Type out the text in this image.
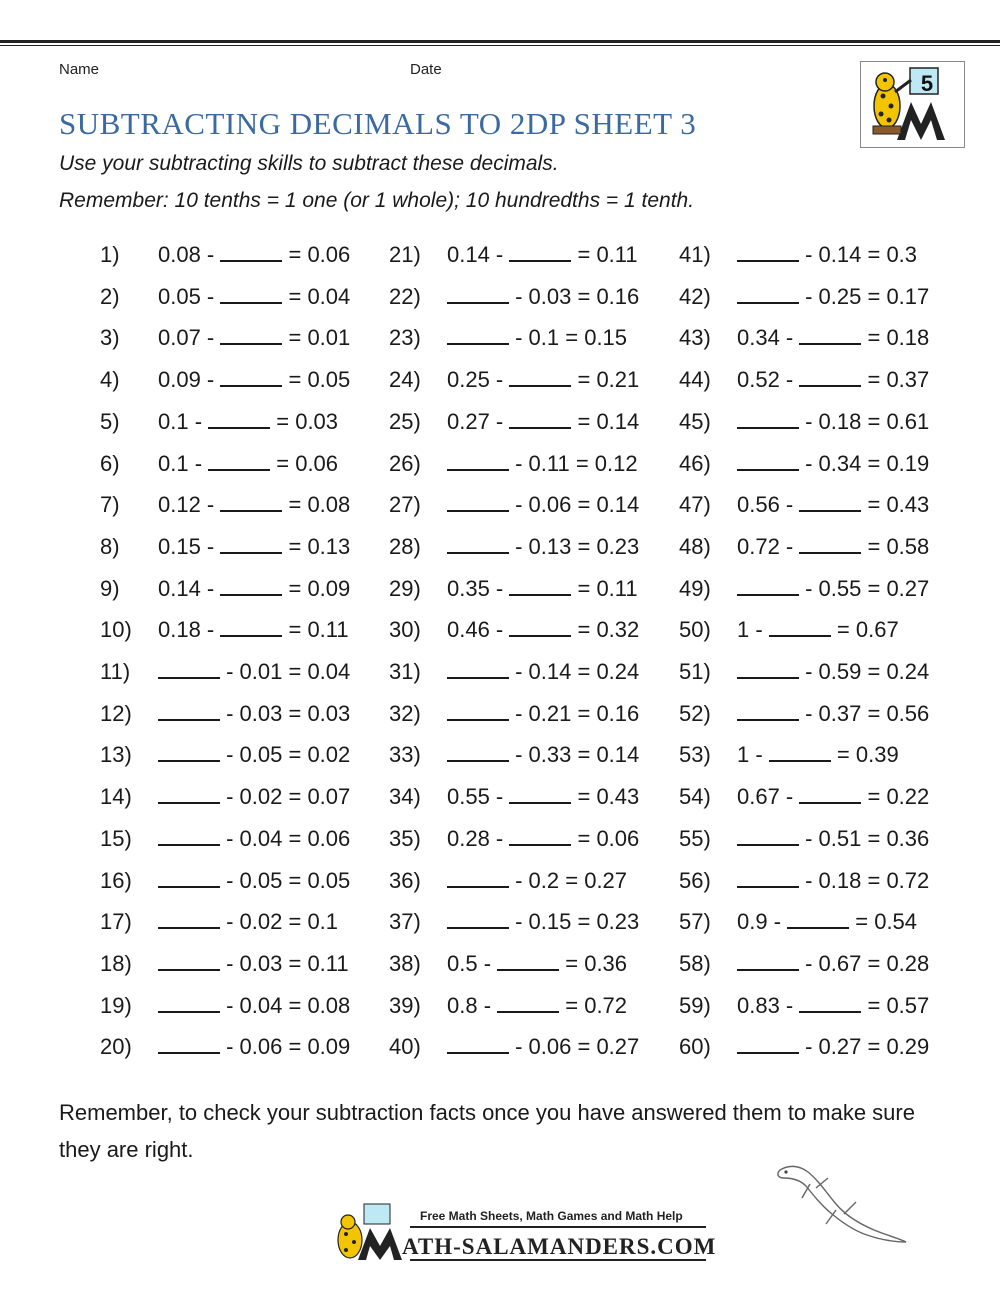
Name	Date
5
SUBTRACTING DECIMALS TO 2DP SHEET 3
Use your subtracting skills to subtract these decimals.
Remember: 10 tenths = 1 one (or 1 whole); 10 hundredths = 1 tenth.
1) 0.08 -	= 0.06 21) 0.14 -	= 0.11 41)	- 0.14 = 0.3
2) 0.05 -	= 0.04 22)	- 0.03 = 0.16 42)	- 0.25 = 0.17
3) 0.07 -	= 0.01 23)	- 0.1 = 0.15 43) 0.34 -	= 0.18
4) 0.09 -	= 0.05 24) 0.25 -	= 0.21 44) 0.52 -	= 0.37
5) 0.1 -	= 0.03 25) 0.27 -	= 0.14 45)	- 0.18 = 0.61
6) 0.1 -	= 0.06 26)	- 0.11 = 0.12 46)	- 0.34 = 0.19
7) 0.12 -	= 0.08 27)	- 0.06 = 0.14 47) 0.56 -	= 0.43
8) 0.15 -	= 0.13 28)	- 0.13 = 0.23 48) 0.72 -	= 0.58
9) 0.14 -	= 0.09 29) 0.35 -	= 0.11 49)	- 0.55 = 0.27
10) 0.18 -	= 0.11 30) 0.46 -	= 0.32 50) 1 -	= 0.67
11)	- 0.01 = 0.04 31)	- 0.14 = 0.24 51)	- 0.59 = 0.24
12)	- 0.03 = 0.03 32)	- 0.21 = 0.16 52)	- 0.37 = 0.56
13)	- 0.05 = 0.02 33)	- 0.33 = 0.14 53) 1 -	= 0.39
14)	- 0.02 = 0.07 34) 0.55 -	= 0.43 54) 0.67 -	= 0.22
15)	- 0.04 = 0.06 35) 0.28 -	= 0.06 55)	- 0.51 = 0.36
16)	- 0.05 = 0.05 36)	- 0.2 = 0.27 56)	- 0.18 = 0.72
17)	- 0.02 = 0.1 37)	- 0.15 = 0.23 57) 0.9 -	= 0.54
18)	- 0.03 = 0.11 38) 0.5 -	= 0.36 58)	- 0.67 = 0.28
19)	- 0.04 = 0.08 39) 0.8 -	= 0.72 59) 0.83 -	= 0.57
20)	- 0.06 = 0.09 40)	- 0.06 = 0.27 60)	- 0.27 = 0.29
Remember, to check your subtraction facts once you have answered them to make sure they are right.
Free Math Sheets, Math Games and Math Help
ATH-SALAMANDERS.COM
